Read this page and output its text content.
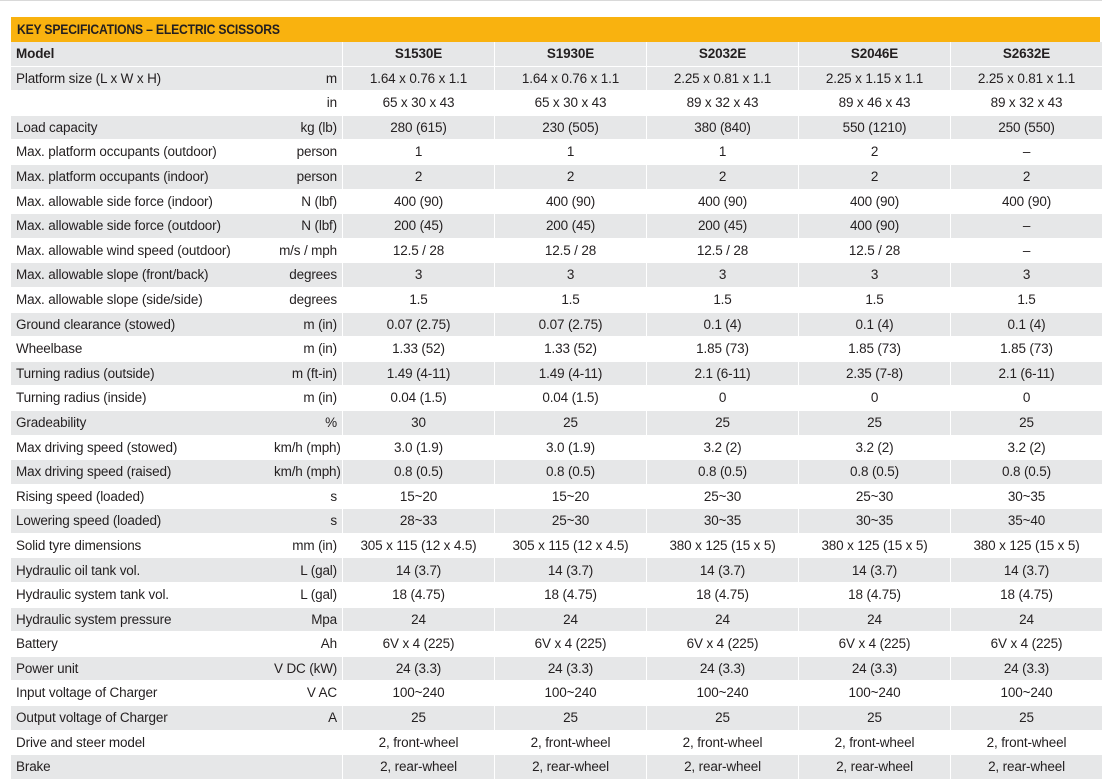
KEY SPECIFICATIONS – ELECTRIC SCISSORS
Model		S1530E	S1930E	S2032E	S2046E	S2632E
Platform size (L x W x H)	m	1.64 x 0.76 x 1.1	1.64 x 0.76 x 1.1	2.25 x 0.81 x 1.1	2.25 x 1.15 x 1.1	2.25 x 0.81 x 1.1
	in	65 x 30 x 43	65 x 30 x 43	89 x 32 x 43	89 x 46 x 43	89 x 32 x 43
Load capacity	kg (lb)	280 (615)	230 (505)	380 (840)	550 (1210)	250 (550)
Max. platform occupants (outdoor)	person	1	1	1	2	–
Max. platform occupants (indoor)	person	2	2	2	2	2
Max. allowable side force (indoor)	N (lbf)	400 (90)	400 (90)	400 (90)	400 (90)	400 (90)
Max. allowable side force (outdoor)	N (lbf)	200 (45)	200 (45)	200 (45)	400 (90)	–
Max. allowable wind speed (outdoor)	m/s / mph	12.5 / 28	12.5 / 28	12.5 / 28	12.5 / 28	–
Max. allowable slope (front/back)	degrees	3	3	3	3	3
Max. allowable slope (side/side)	degrees	1.5	1.5	1.5	1.5	1.5
Ground clearance (stowed)	m (in)	0.07 (2.75)	0.07 (2.75)	0.1 (4)	0.1 (4)	0.1 (4)
Wheelbase	m (in)	1.33 (52)	1.33 (52)	1.85 (73)	1.85 (73)	1.85 (73)
Turning radius (outside)	m (ft-in)	1.49 (4-11)	1.49 (4-11)	2.1 (6-11)	2.35 (7-8)	2.1 (6-11)
Turning radius (inside)	m (in)	0.04 (1.5)	0.04 (1.5)	0	0	0
Gradeability	%	30	25	25	25	25
Max driving speed (stowed)	km/h (mph)	3.0 (1.9)	3.0 (1.9)	3.2 (2)	3.2 (2)	3.2 (2)
Max driving speed (raised)	km/h (mph)	0.8 (0.5)	0.8 (0.5)	0.8 (0.5)	0.8 (0.5)	0.8 (0.5)
Rising speed (loaded)	s	15~20	15~20	25~30	25~30	30~35
Lowering speed (loaded)	s	28~33	25~30	30~35	30~35	35~40
Solid tyre dimensions	mm (in)	305 x 115 (12 x 4.5)	305 x 115 (12 x 4.5)	380 x 125 (15 x 5)	380 x 125 (15 x 5)	380 x 125 (15 x 5)
Hydraulic oil tank vol.	L (gal)	14 (3.7)	14 (3.7)	14 (3.7)	14 (3.7)	14 (3.7)
Hydraulic system tank vol.	L (gal)	18 (4.75)	18 (4.75)	18 (4.75)	18 (4.75)	18 (4.75)
Hydraulic system pressure	Mpa	24	24	24	24	24
Battery	Ah	6V x 4 (225)	6V x 4 (225)	6V x 4 (225)	6V x 4 (225)	6V x 4 (225)
Power unit	V DC (kW)	24 (3.3)	24 (3.3)	24 (3.3)	24 (3.3)	24 (3.3)
Input voltage of Charger	V AC	100~240	100~240	100~240	100~240	100~240
Output voltage of Charger	A	25	25	25	25	25
Drive and steer model		2, front-wheel	2, front-wheel	2, front-wheel	2, front-wheel	2, front-wheel
Brake		2, rear-wheel	2, rear-wheel	2, rear-wheel	2, rear-wheel	2, rear-wheel
